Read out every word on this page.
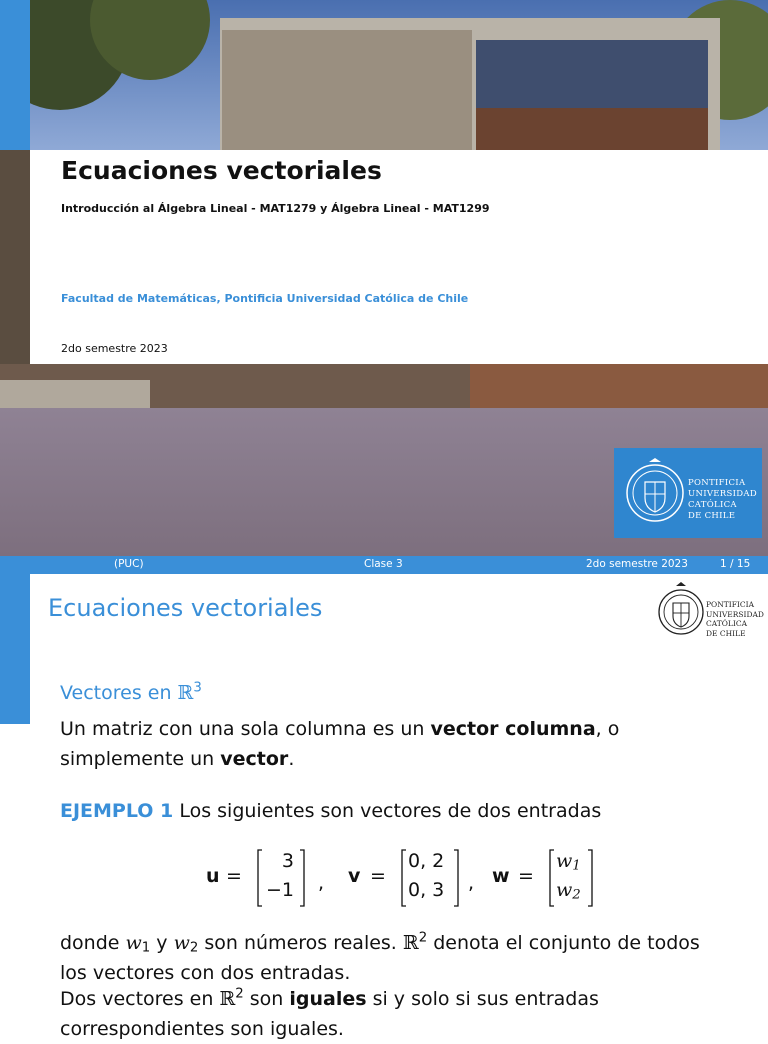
Ecuaciones vectoriales
Introducción al Álgebra Lineal - MAT1279 y Álgebra Lineal - MAT1299
Facultad de Matemáticas, Pontificia Universidad Católica de Chile
2do semestre 2023
PONTIFICIA
UNIVERSIDAD
CATÓLICA
DE CHILE
(PUC)	Clase 3	2do semestre 2023	1 / 15
Ecuaciones vectoriales	PONTIFICIA
UNIVERSIDAD
CATÓLICA
DE CHILE
Vectores en ℝ$^3$
Un matriz con una sola columna es un vector columna, o simplemente un vector.
EJEMPLO 1 Los siguientes son vectores de dos entradas
u =
3
−1 , v =
0, 2
0, 3	, w =
$w_1$
$w_2$
donde $w_1$ y $w_2$ son números reales. ℝ$^2$ denota el conjunto de todos los vectores con dos entradas.
Dos vectores en ℝ$^2$ son iguales si y solo si sus entradas
correspondientes son iguales.
